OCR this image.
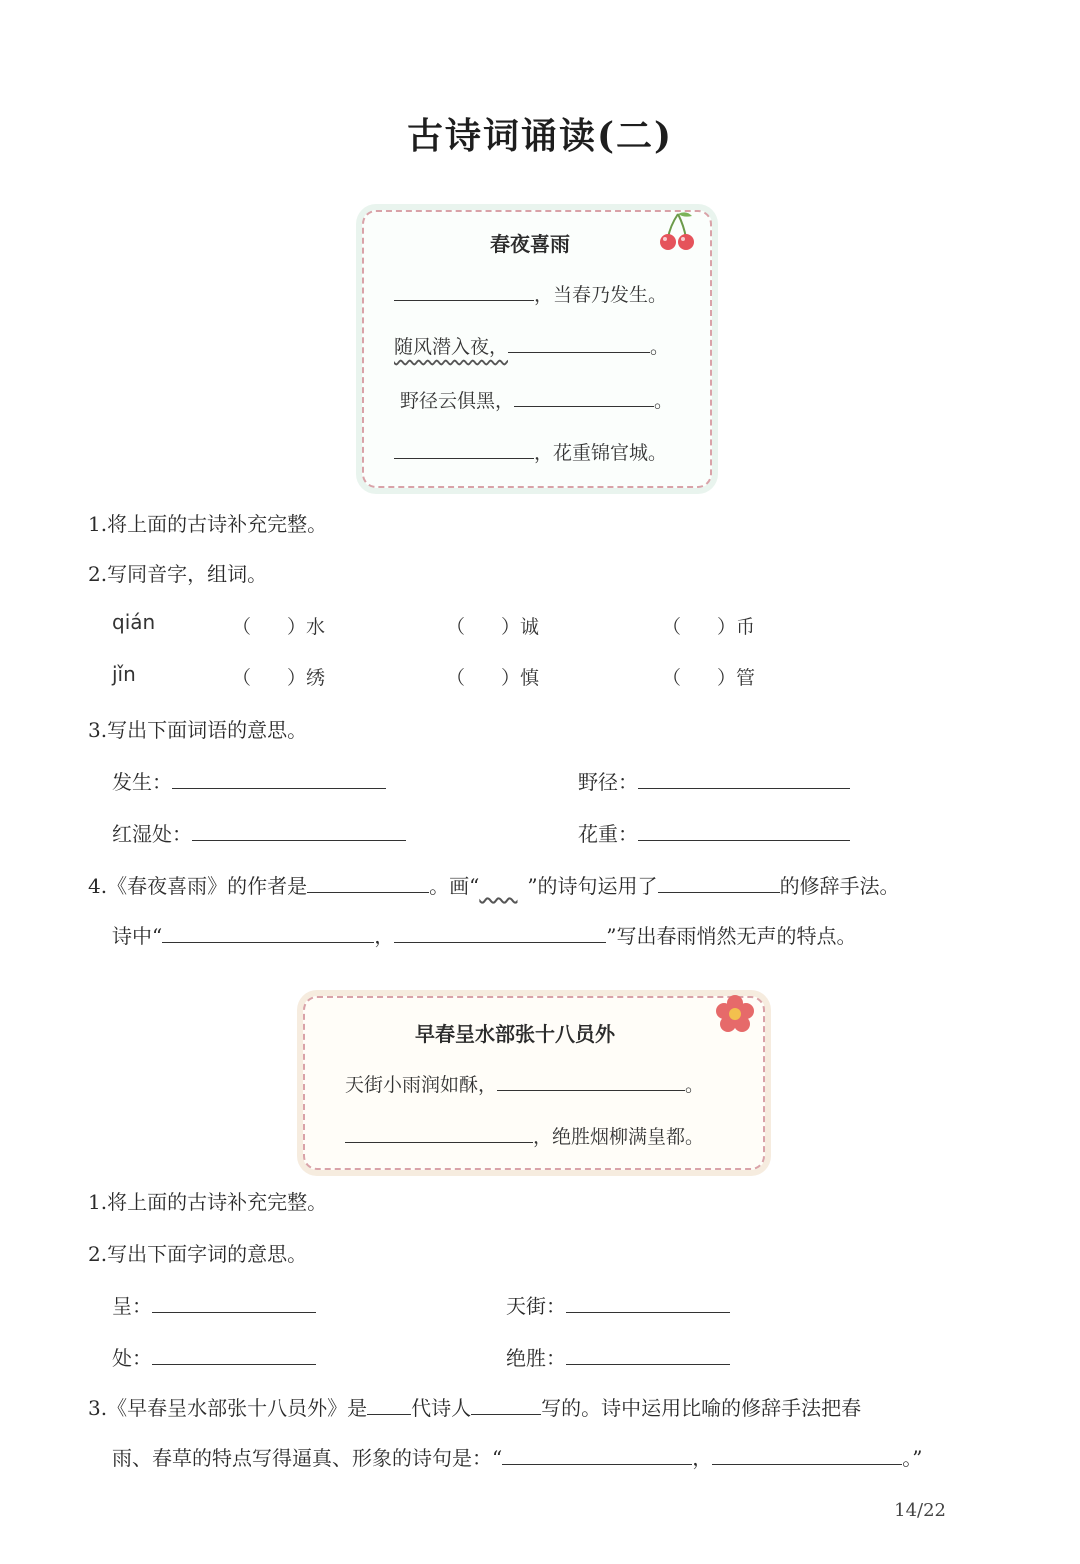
古诗词诵读(二)
春夜喜雨
，当春乃发生。
随风潜入夜，	。
野径云俱黑，	。
，花重锦官城。
1.将上面的古诗补充完整。
2.写同音字，组词。
qián	（ ）水	（ ）诚	（ ）币
jǐn	（ ）绣	（ ）慎	（ ）管
3.写出下面词语的意思。
发生：	野径：
红湿处：	花重：
4.《春夜喜雨》的作者是	。画“ ”的诗句运用了	的修辞手法。
诗中“	，	”写出春雨悄然无声的特点。
早春呈水部张十八员外
天街小雨润如酥，	。
，绝胜烟柳满皇都。
1.将上面的古诗补充完整。
2.写出下面字词的意思。
呈：	天街：
处：	绝胜：
3.《早春呈水部张十八员外》是 代诗人	写的。诗中运用比喻的修辞手法把春
雨、春草的特点写得逼真、形象的诗句是：“	，	。”
14/22
